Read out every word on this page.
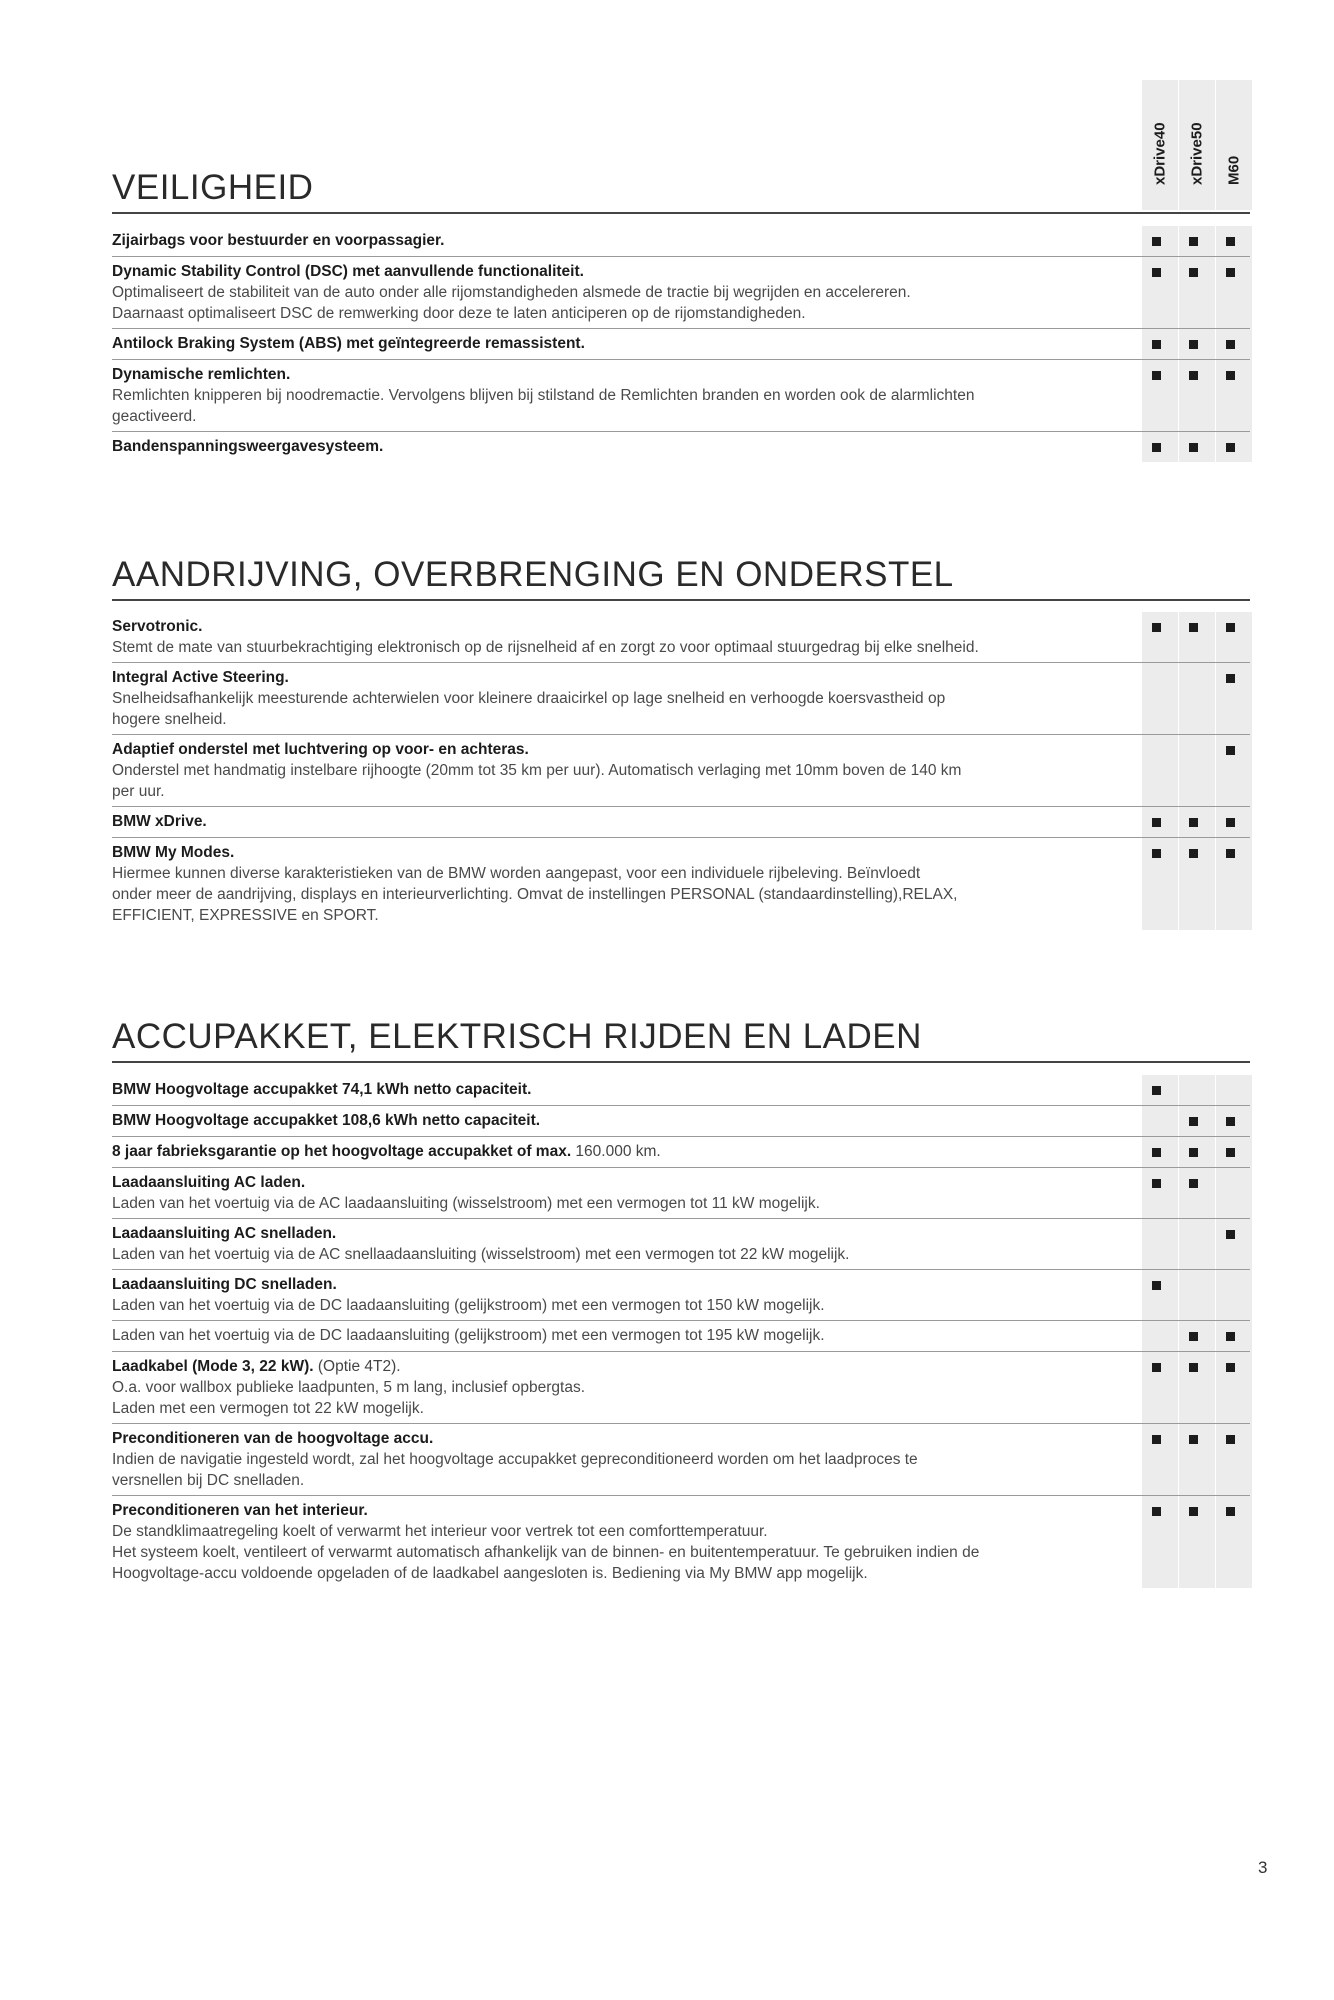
xDrive40 xDrive50 M60
VEILIGHEID
Zijairbags voor bestuurder en voorpassagier.
Dynamic Stability Control (DSC) met aanvullende functionaliteit.
Optimaliseert de stabiliteit van de auto onder alle rijomstandigheden alsmede de tractie bij wegrijden en accelereren.
Daarnaast optimaliseert DSC de remwerking door deze te laten anticiperen op de rijomstandigheden.
Antilock Braking System (ABS) met geïntegreerde remassistent.
Dynamische remlichten.
Remlichten knipperen bij noodremactie. Vervolgens blijven bij stilstand de Remlichten branden en worden ook de alarmlichten
geactiveerd.
Bandenspanningsweergavesysteem.
AANDRIJVING, OVERBRENGING EN ONDERSTEL
Servotronic.
Stemt de mate van stuurbekrachtiging elektronisch op de rijsnelheid af en zorgt zo voor optimaal stuurgedrag bij elke snelheid.
Integral Active Steering.
Snelheidsafhankelijk meesturende achterwielen voor kleinere draaicirkel op lage snelheid en verhoogde koersvastheid op
hogere snelheid.
Adaptief onderstel met luchtvering op voor- en achteras.
Onderstel met handmatig instelbare rijhoogte (20mm tot 35 km per uur). Automatisch verlaging met 10mm boven de 140 km
per uur.
BMW xDrive.
BMW My Modes.
Hiermee kunnen diverse karakteristieken van de BMW worden aangepast, voor een individuele rijbeleving. Beïnvloedt
onder meer de aandrijving, displays en interieurverlichting. Omvat de instellingen PERSONAL (standaardinstelling),RELAX,
EFFICIENT, EXPRESSIVE en SPORT.
ACCUPAKKET, ELEKTRISCH RIJDEN EN LADEN
BMW Hoogvoltage accupakket 74,1 kWh netto capaciteit.
BMW Hoogvoltage accupakket 108,6 kWh netto capaciteit.
8 jaar fabrieksgarantie op het hoogvoltage accupakket of max. 160.000 km.
Laadaansluiting AC laden.
Laden van het voertuig via de AC laadaansluiting (wisselstroom) met een vermogen tot 11 kW mogelijk.
Laadaansluiting AC snelladen.
Laden van het voertuig via de AC snellaadaansluiting (wisselstroom) met een vermogen tot 22 kW mogelijk.
Laadaansluiting DC snelladen.
Laden van het voertuig via de DC laadaansluiting (gelijkstroom) met een vermogen tot 150 kW mogelijk.
Laden van het voertuig via de DC laadaansluiting (gelijkstroom) met een vermogen tot 195 kW mogelijk.
Laadkabel (Mode 3, 22 kW). (Optie 4T2).
O.a. voor wallbox publieke laadpunten, 5 m lang, inclusief opbergtas.
Laden met een vermogen tot 22 kW mogelijk.
Preconditioneren van de hoogvoltage accu.
Indien de navigatie ingesteld wordt, zal het hoogvoltage accupakket gepreconditioneerd worden om het laadproces te
versnellen bij DC snelladen.
Preconditioneren van het interieur.
De standklimaatregeling koelt of verwarmt het interieur voor vertrek tot een comforttemperatuur.
Het systeem koelt, ventileert of verwarmt automatisch afhankelijk van de binnen- en buitentemperatuur. Te gebruiken indien de
Hoogvoltage-accu voldoende opgeladen of de laadkabel aangesloten is. Bediening via My BMW app mogelijk.
3
